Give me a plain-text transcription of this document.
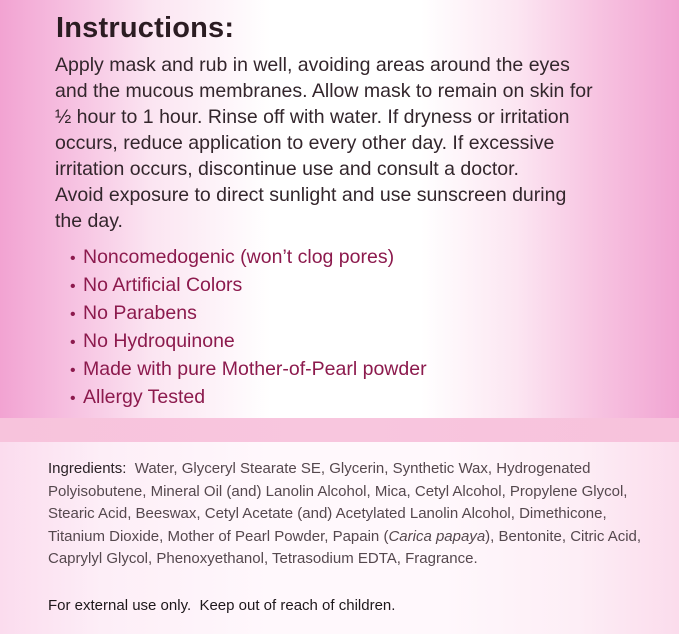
Instructions:

Apply mask and rub in well, avoiding areas around the eyes
and the mucous membranes. Allow mask to remain on skin for
½ hour to 1 hour. Rinse off with water. If dryness or irritation
occurs, reduce application to every other day. If excessive
irritation occurs, discontinue use and consult a doctor.
Avoid exposure to direct sunlight and use sunscreen during
the day.

• Noncomedogenic (won’t clog pores)
• No Artificial Colors
• No Parabens
• No Hydroquinone
• Made with pure Mother-of-Pearl powder
• Allergy Tested

Ingredients: Water, Glyceryl Stearate SE, Glycerin, Synthetic Wax, Hydrogenated Polyisobutene, Mineral Oil (and) Lanolin Alcohol, Mica, Cetyl Alcohol, Propylene Glycol, Stearic Acid, Beeswax, Cetyl Acetate (and) Acetylated Lanolin Alcohol, Dimethicone, Titanium Dioxide, Mother of Pearl Powder, Papain (Carica papaya), Bentonite, Citric Acid, Caprylyl Glycol, Phenoxyethanol, Tetrasodium EDTA, Fragrance.

For external use only.  Keep out of reach of children.
